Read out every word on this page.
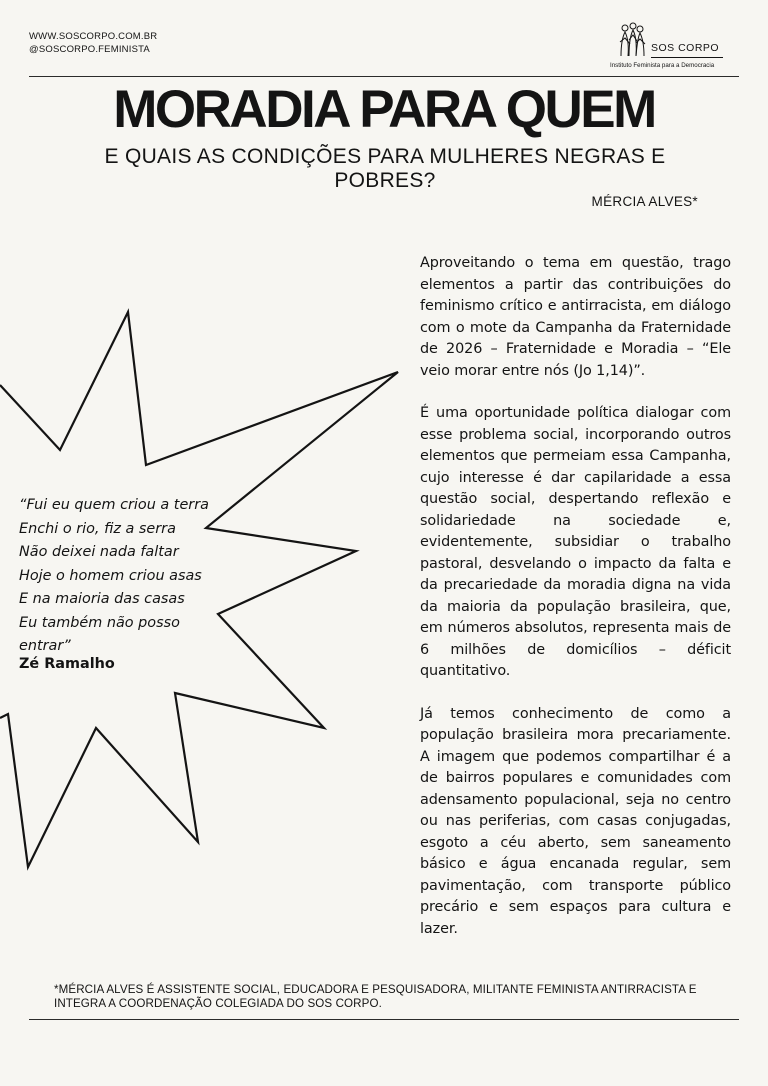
WWW.SOSCORPO.COM.BR
@SOSCORPO.FEMINISTA	SOS CORPO
Instituto Feminista para a Democracia
MORADIA PARA QUEM
E QUAIS AS CONDIÇÕES PARA MULHERES NEGRAS E POBRES?
MÉRCIA ALVES*
“Fui eu quem criou a terra
Enchi o rio, fiz a serra
Não deixei nada faltar
Hoje o homem criou asas
E na maioria das casas
Eu também não posso
entrar”
Zé Ramalho

Aproveitando o tema em questão, trago elementos a partir das contribuições do feminismo crítico e antirracista, em diálogo com o mote da Campanha da Fraternidade de 2026 – Fraternidade e Moradia – “Ele veio morar entre nós (Jo 1,14)”.

É uma oportunidade política dialogar com esse problema social, incorporando outros elementos que permeiam essa Campanha, cujo interesse é dar capilaridade a essa questão social, despertando reflexão e solidariedade na sociedade e, evidentemente, subsidiar o trabalho pastoral, desvelando o impacto da falta e da precariedade da moradia digna na vida da maioria da população brasileira, que, em números absolutos, representa mais de 6 milhões de domicílios – déficit quantitativo.

Já temos conhecimento de como a população brasileira mora precariamente. A imagem que podemos compartilhar é a de bairros populares e comunidades com adensamento populacional, seja no centro ou nas periferias, com casas conjugadas, esgoto a céu aberto, sem saneamento básico e água encanada regular, sem pavimentação, com transporte público precário e sem espaços para cultura e lazer.

*MÉRCIA ALVES É ASSISTENTE SOCIAL, EDUCADORA E PESQUISADORA, MILITANTE FEMINISTA ANTIRRACISTA E INTEGRA A COORDENAÇÃO COLEGIADA DO SOS CORPO.
